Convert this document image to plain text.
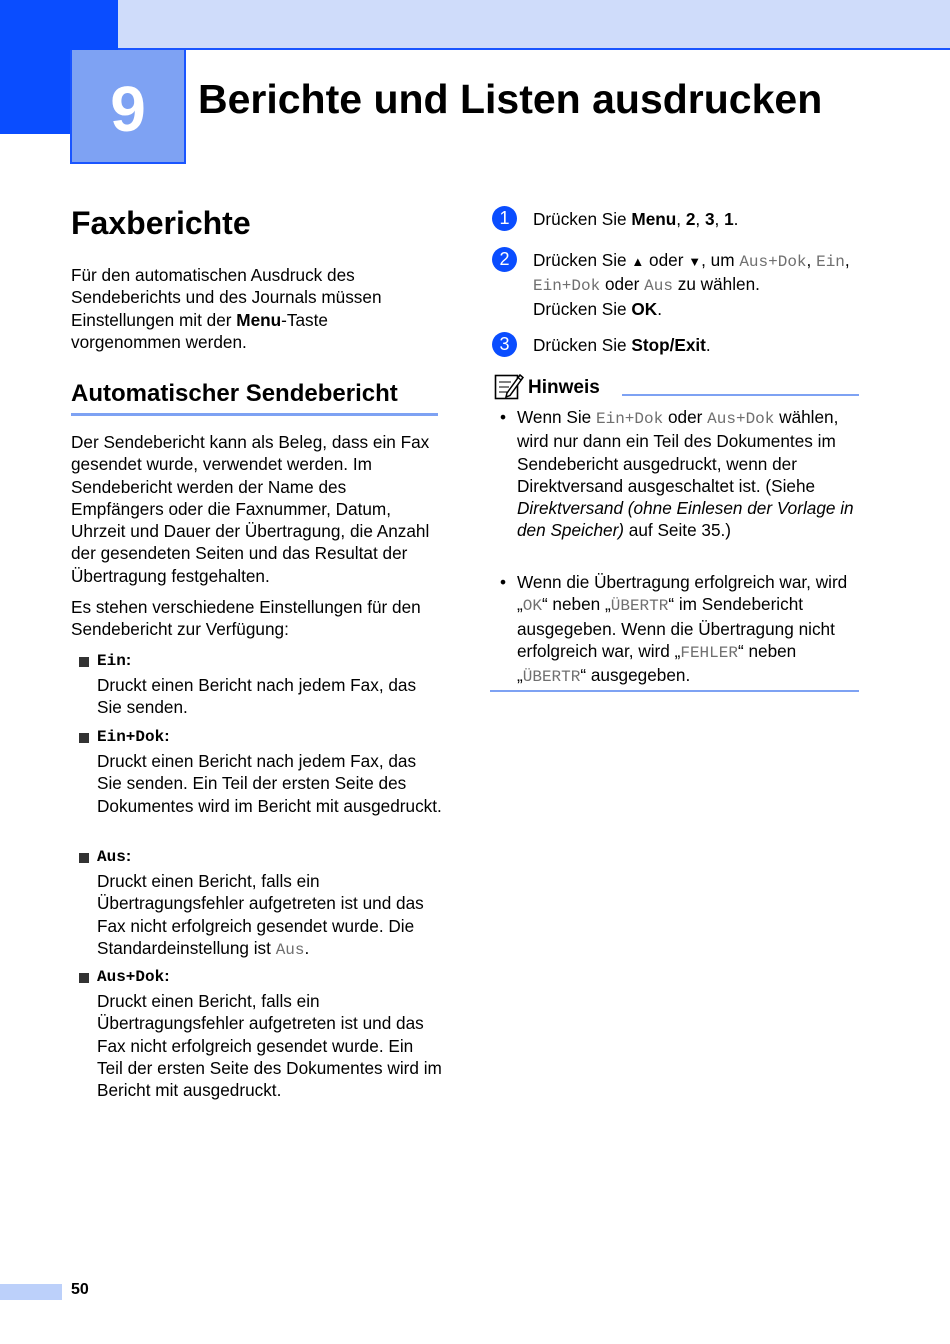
9	Berichte und Listen ausdrucken
Faxberichte
Für den automatischen Ausdruck des Sendeberichts und des Journals müssen Einstellungen mit der Menu-Taste vorgenommen werden.
Automatischer Sendebericht
Der Sendebericht kann als Beleg, dass ein Fax gesendet wurde, verwendet werden. Im Sendebericht werden der Name des Empfängers oder die Faxnummer, Datum, Uhrzeit und Dauer der Übertragung, die Anzahl der gesendeten Seiten und das Resultat der Übertragung festgehalten.
Es stehen verschiedene Einstellungen für den Sendebericht zur Verfügung:
Ein:
Druckt einen Bericht nach jedem Fax, das Sie senden.
Ein+Dok:
Druckt einen Bericht nach jedem Fax, das Sie senden. Ein Teil der ersten Seite des Dokumentes wird im Bericht mit ausgedruckt.
Aus:
Druckt einen Bericht, falls ein Übertragungsfehler aufgetreten ist und das Fax nicht erfolgreich gesendet wurde. Die Standardeinstellung ist Aus.
Aus+Dok:
Druckt einen Bericht, falls ein Übertragungsfehler aufgetreten ist und das Fax nicht erfolgreich gesendet wurde. Ein Teil der ersten Seite des Dokumentes wird im Bericht mit ausgedruckt.
1	Drücken Sie Menu, 2, 3, 1.
2	Drücken Sie ▲ oder ▼, um Aus+Dok, Ein, Ein+Dok oder Aus zu wählen.
Drücken Sie OK.
3	Drücken Sie Stop/Exit.
Hinweis
• Wenn Sie Ein+Dok oder Aus+Dok wählen, wird nur dann ein Teil des Dokumentes im Sendebericht ausgedruckt, wenn der Direktversand ausgeschaltet ist. (Siehe Direktversand (ohne Einlesen der Vorlage in den Speicher) auf Seite 35.)
• Wenn die Übertragung erfolgreich war, wird „OK“ neben „ÜBERTR“ im Sendebericht ausgegeben. Wenn die Übertragung nicht erfolgreich war, wird „FEHLER“ neben „ÜBERTR“ ausgegeben.
50
